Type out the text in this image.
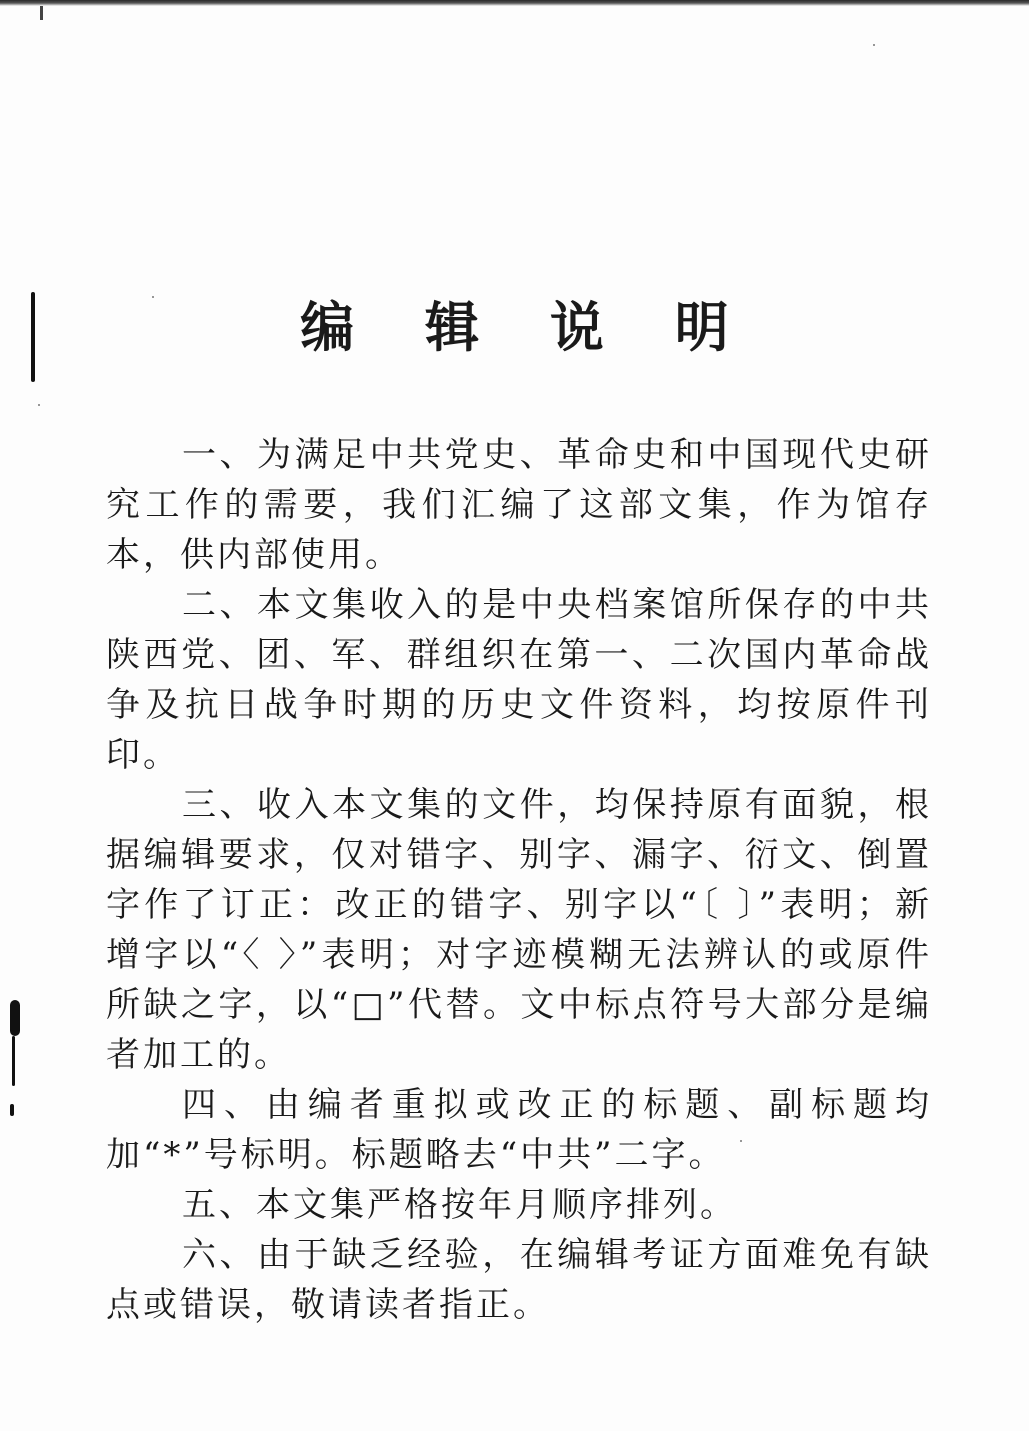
编 辑 说 明

一、为满足中共党史、革命史和中国现代史研究工作的需要，我们汇编了这部文集，作为馆存本，供内部使用。

二、本文集收入的是中央档案馆所保存的中共陕西党、团、军、群组织在第一、二次国内革命战争及抗日战争时期的历史文件资料，均按原件刊印。

三、收入本文集的文件，均保持原有面貌，根据编辑要求，仅对错字、别字、漏字、衍文、倒置字作了订正：改正的错字、别字以“〔 〕”表明；新增字以“〈 〉”表明；对字迹模糊无法辨认的或原件所缺之字，以“□”代替。文中标点符号大部分是编者加工的。

四、由编者重拟或改正的标题、副标题均加“*”号标明。标题略去“中共”二字。

五、本文集严格按年月顺序排列。

六、由于缺乏经验，在编辑考证方面难免有缺点或错误，敬请读者指正。
